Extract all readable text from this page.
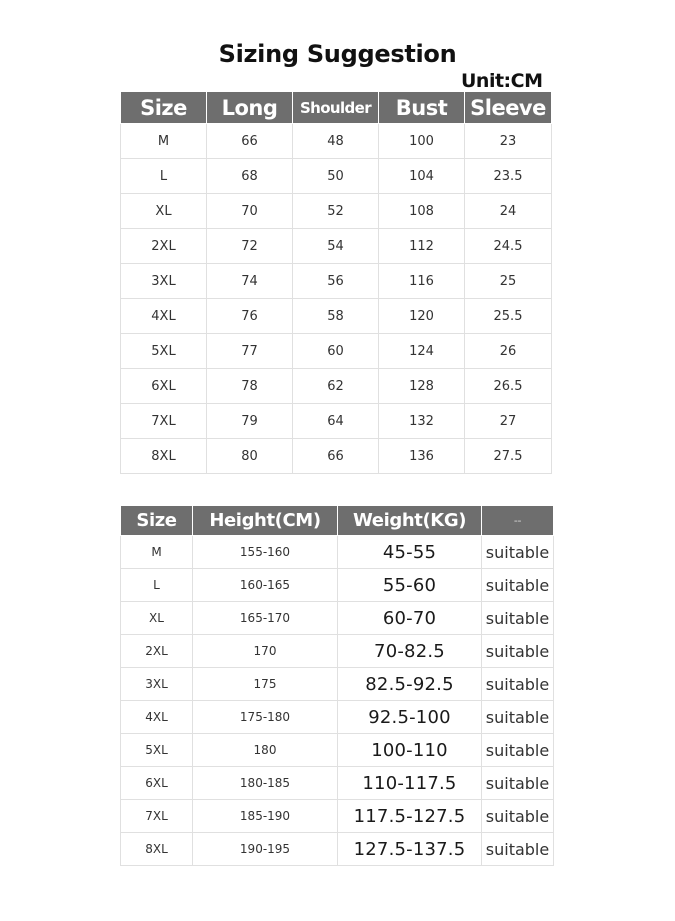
Sizing Suggestion
Unit:CM
Size	Long	Shoulder	Bust	Sleeve
M	66	48	100	23
L	68	50	104	23.5
XL	70	52	108	24
2XL	72	54	112	24.5
3XL	74	56	116	25
4XL	76	58	120	25.5
5XL	77	60	124	26
6XL	78	62	128	26.5
7XL	79	64	132	27
8XL	80	66	136	27.5
Size	Height(CM)	Weight(KG)	--
M	155-160	45-55	suitable
L	160-165	55-60	suitable
XL	165-170	60-70	suitable
2XL	170	70-82.5	suitable
3XL	175	82.5-92.5	suitable
4XL	175-180	92.5-100	suitable
5XL	180	100-110	suitable
6XL	180-185	110-117.5	suitable
7XL	185-190	117.5-127.5	suitable
8XL	190-195	127.5-137.5	suitable
